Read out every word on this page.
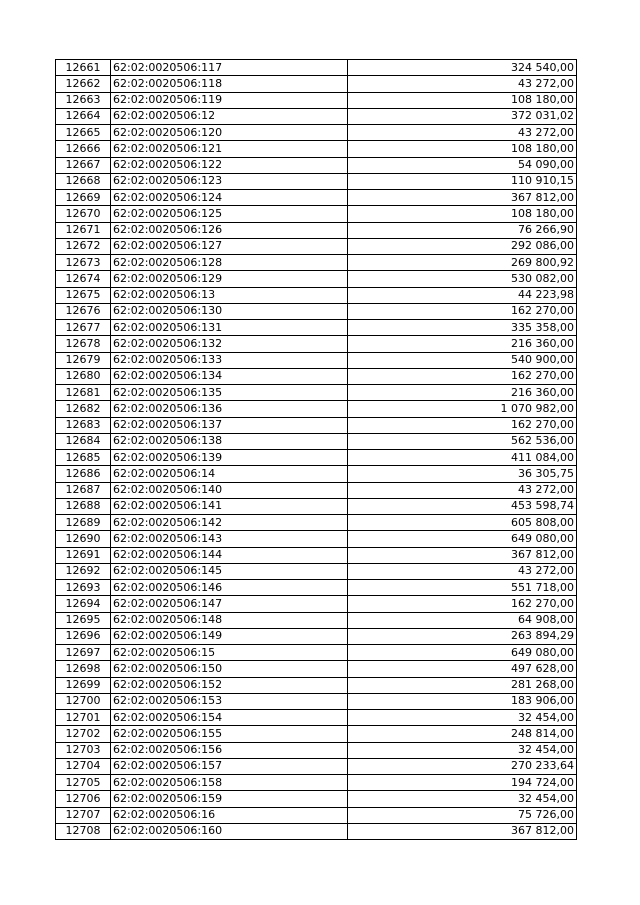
12661	62:02:0020506:117	324 540,00
12662	62:02:0020506:118	43 272,00
12663	62:02:0020506:119	108 180,00
12664	62:02:0020506:12	372 031,02
12665	62:02:0020506:120	43 272,00
12666	62:02:0020506:121	108 180,00
12667	62:02:0020506:122	54 090,00
12668	62:02:0020506:123	110 910,15
12669	62:02:0020506:124	367 812,00
12670	62:02:0020506:125	108 180,00
12671	62:02:0020506:126	76 266,90
12672	62:02:0020506:127	292 086,00
12673	62:02:0020506:128	269 800,92
12674	62:02:0020506:129	530 082,00
12675	62:02:0020506:13	44 223,98
12676	62:02:0020506:130	162 270,00
12677	62:02:0020506:131	335 358,00
12678	62:02:0020506:132	216 360,00
12679	62:02:0020506:133	540 900,00
12680	62:02:0020506:134	162 270,00
12681	62:02:0020506:135	216 360,00
12682	62:02:0020506:136	1 070 982,00
12683	62:02:0020506:137	162 270,00
12684	62:02:0020506:138	562 536,00
12685	62:02:0020506:139	411 084,00
12686	62:02:0020506:14	36 305,75
12687	62:02:0020506:140	43 272,00
12688	62:02:0020506:141	453 598,74
12689	62:02:0020506:142	605 808,00
12690	62:02:0020506:143	649 080,00
12691	62:02:0020506:144	367 812,00
12692	62:02:0020506:145	43 272,00
12693	62:02:0020506:146	551 718,00
12694	62:02:0020506:147	162 270,00
12695	62:02:0020506:148	64 908,00
12696	62:02:0020506:149	263 894,29
12697	62:02:0020506:15	649 080,00
12698	62:02:0020506:150	497 628,00
12699	62:02:0020506:152	281 268,00
12700	62:02:0020506:153	183 906,00
12701	62:02:0020506:154	32 454,00
12702	62:02:0020506:155	248 814,00
12703	62:02:0020506:156	32 454,00
12704	62:02:0020506:157	270 233,64
12705	62:02:0020506:158	194 724,00
12706	62:02:0020506:159	32 454,00
12707	62:02:0020506:16	75 726,00
12708	62:02:0020506:160	367 812,00
